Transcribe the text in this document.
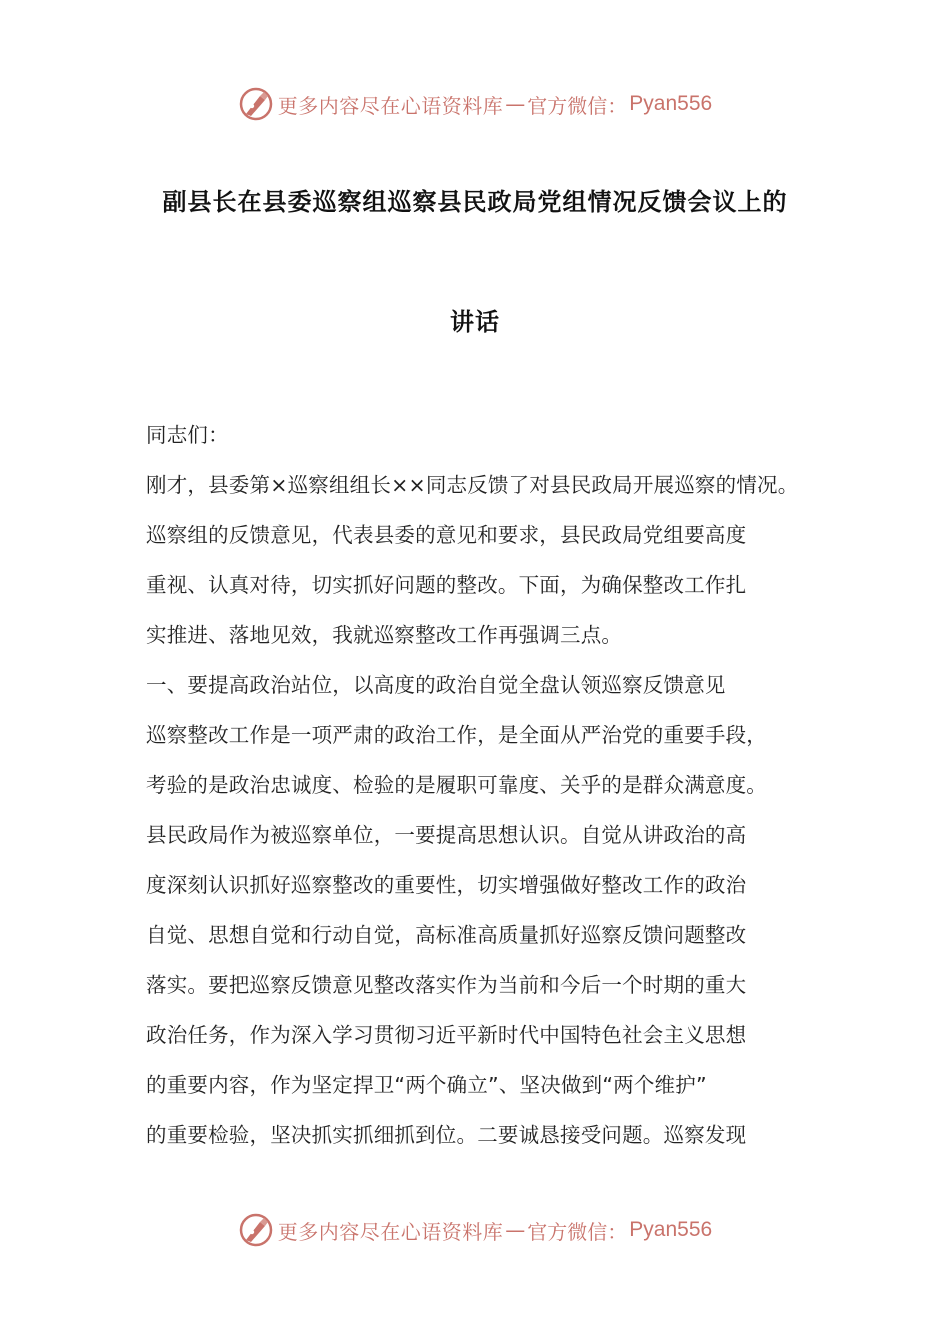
更多内容尽在心语资料库 — 官方微信： Pyan556
副县长在县委巡察组巡察县民政局党组情况反馈会议上的
讲话
同志们：
刚才，县委第×巡察组组长××同志反馈了对县民政局开展巡察的情况。
巡察组的反馈意见，代表县委的意见和要求，县民政局党组要高度
重视、认真对待，切实抓好问题的整改。下面，为确保整改工作扎
实推进、落地见效，我就巡察整改工作再强调三点。
一、要提高政治站位，以高度的政治自觉全盘认领巡察反馈意见
巡察整改工作是一项严肃的政治工作，是全面从严治党的重要手段，
考验的是政治忠诚度、检验的是履职可靠度、关乎的是群众满意度。
县民政局作为被巡察单位，一要提高思想认识。自觉从讲政治的高
度深刻认识抓好巡察整改的重要性，切实增强做好整改工作的政治
自觉、思想自觉和行动自觉，高标准高质量抓好巡察反馈问题整改
落实。要把巡察反馈意见整改落实作为当前和今后一个时期的重大
政治任务，作为深入学习贯彻习近平新时代中国特色社会主义思想
的重要内容，作为坚定捍卫“两个确立”、坚决做到“两个维护”
的重要检验，坚决抓实抓细抓到位。二要诚恳接受问题。巡察发现
更多内容尽在心语资料库 — 官方微信： Pyan556
